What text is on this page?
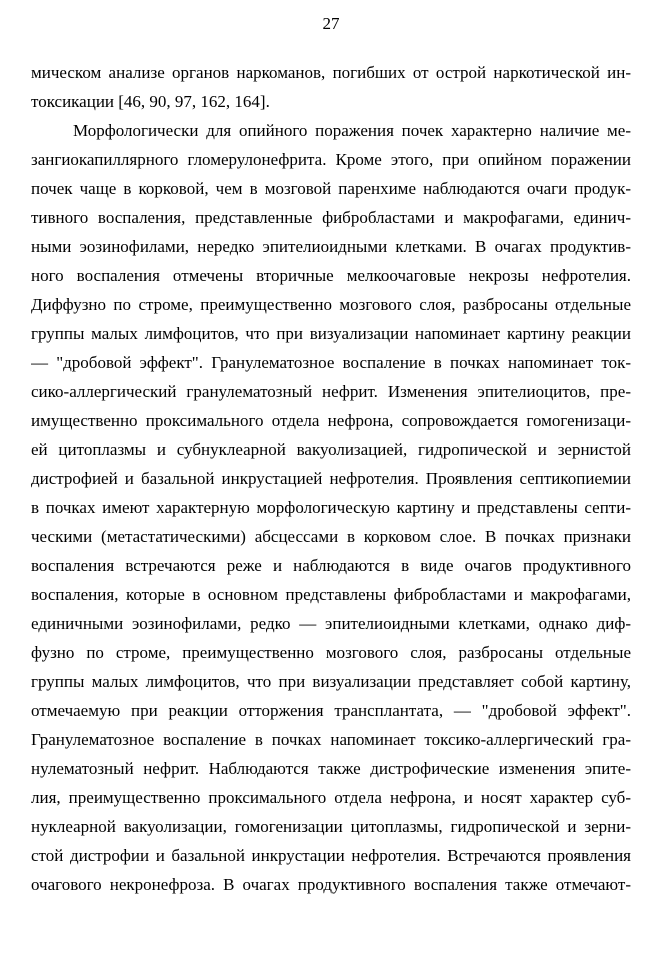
27
мическом анализе органов наркоманов, погибших от острой наркотической ин-
токсикации [46, 90, 97, 162, 164].
Морфологически для опийного поражения почек характерно наличие ме-
зангиокапиллярного гломерулонефрита. Кроме этого, при опийном поражении
почек чаще в корковой, чем в мозговой паренхиме наблюдаются очаги продук-
тивного воспаления, представленные фибробластами и макрофагами, единич-
ными эозинофилами, нередко эпителиоидными клетками. В очагах продуктив-
ного воспаления отмечены вторичные мелкоочаговые некрозы нефротелия.
Диффузно по строме, преимущественно мозгового слоя, разбросаны отдельные
группы малых лимфоцитов, что при визуализации напоминает картину реакции
— "дробовой эффект". Гранулематозное воспаление в почках напоминает ток-
сико-аллергический гранулематозный нефрит. Изменения эпителиоцитов, пре-
имущественно проксимального отдела нефрона, сопровождается гомогенизаци-
ей цитоплазмы и субнуклеарной вакуолизацией, гидропической и зернистой
дистрофией и базальной инкрустацией нефротелия. Проявления септикопиемии
в почках имеют характерную морфологическую картину и представлены септи-
ческими (метастатическими) абсцессами в корковом слое. В почках признаки
воспаления встречаются реже и наблюдаются в виде очагов продуктивного
воспаления, которые в основном представлены фибробластами и макрофагами,
единичными эозинофилами, редко — эпителиоидными клетками, однако диф-
фузно по строме, преимущественно мозгового слоя, разбросаны отдельные
группы малых лимфоцитов, что при визуализации представляет собой картину,
отмечаемую при реакции отторжения трансплантата, — "дробовой эффект".
Гранулематозное воспаление в почках напоминает токсико-аллергический гра-
нулематозный нефрит. Наблюдаются также дистрофические изменения эпите-
лия, преимущественно проксимального отдела нефрона, и носят характер суб-
нуклеарной вакуолизации, гомогенизации цитоплазмы, гидропической и зерни-
стой дистрофии и базальной инкрустации нефротелия. Встречаются проявления
очагового некронефроза. В очагах продуктивного воспаления также отмечают-
